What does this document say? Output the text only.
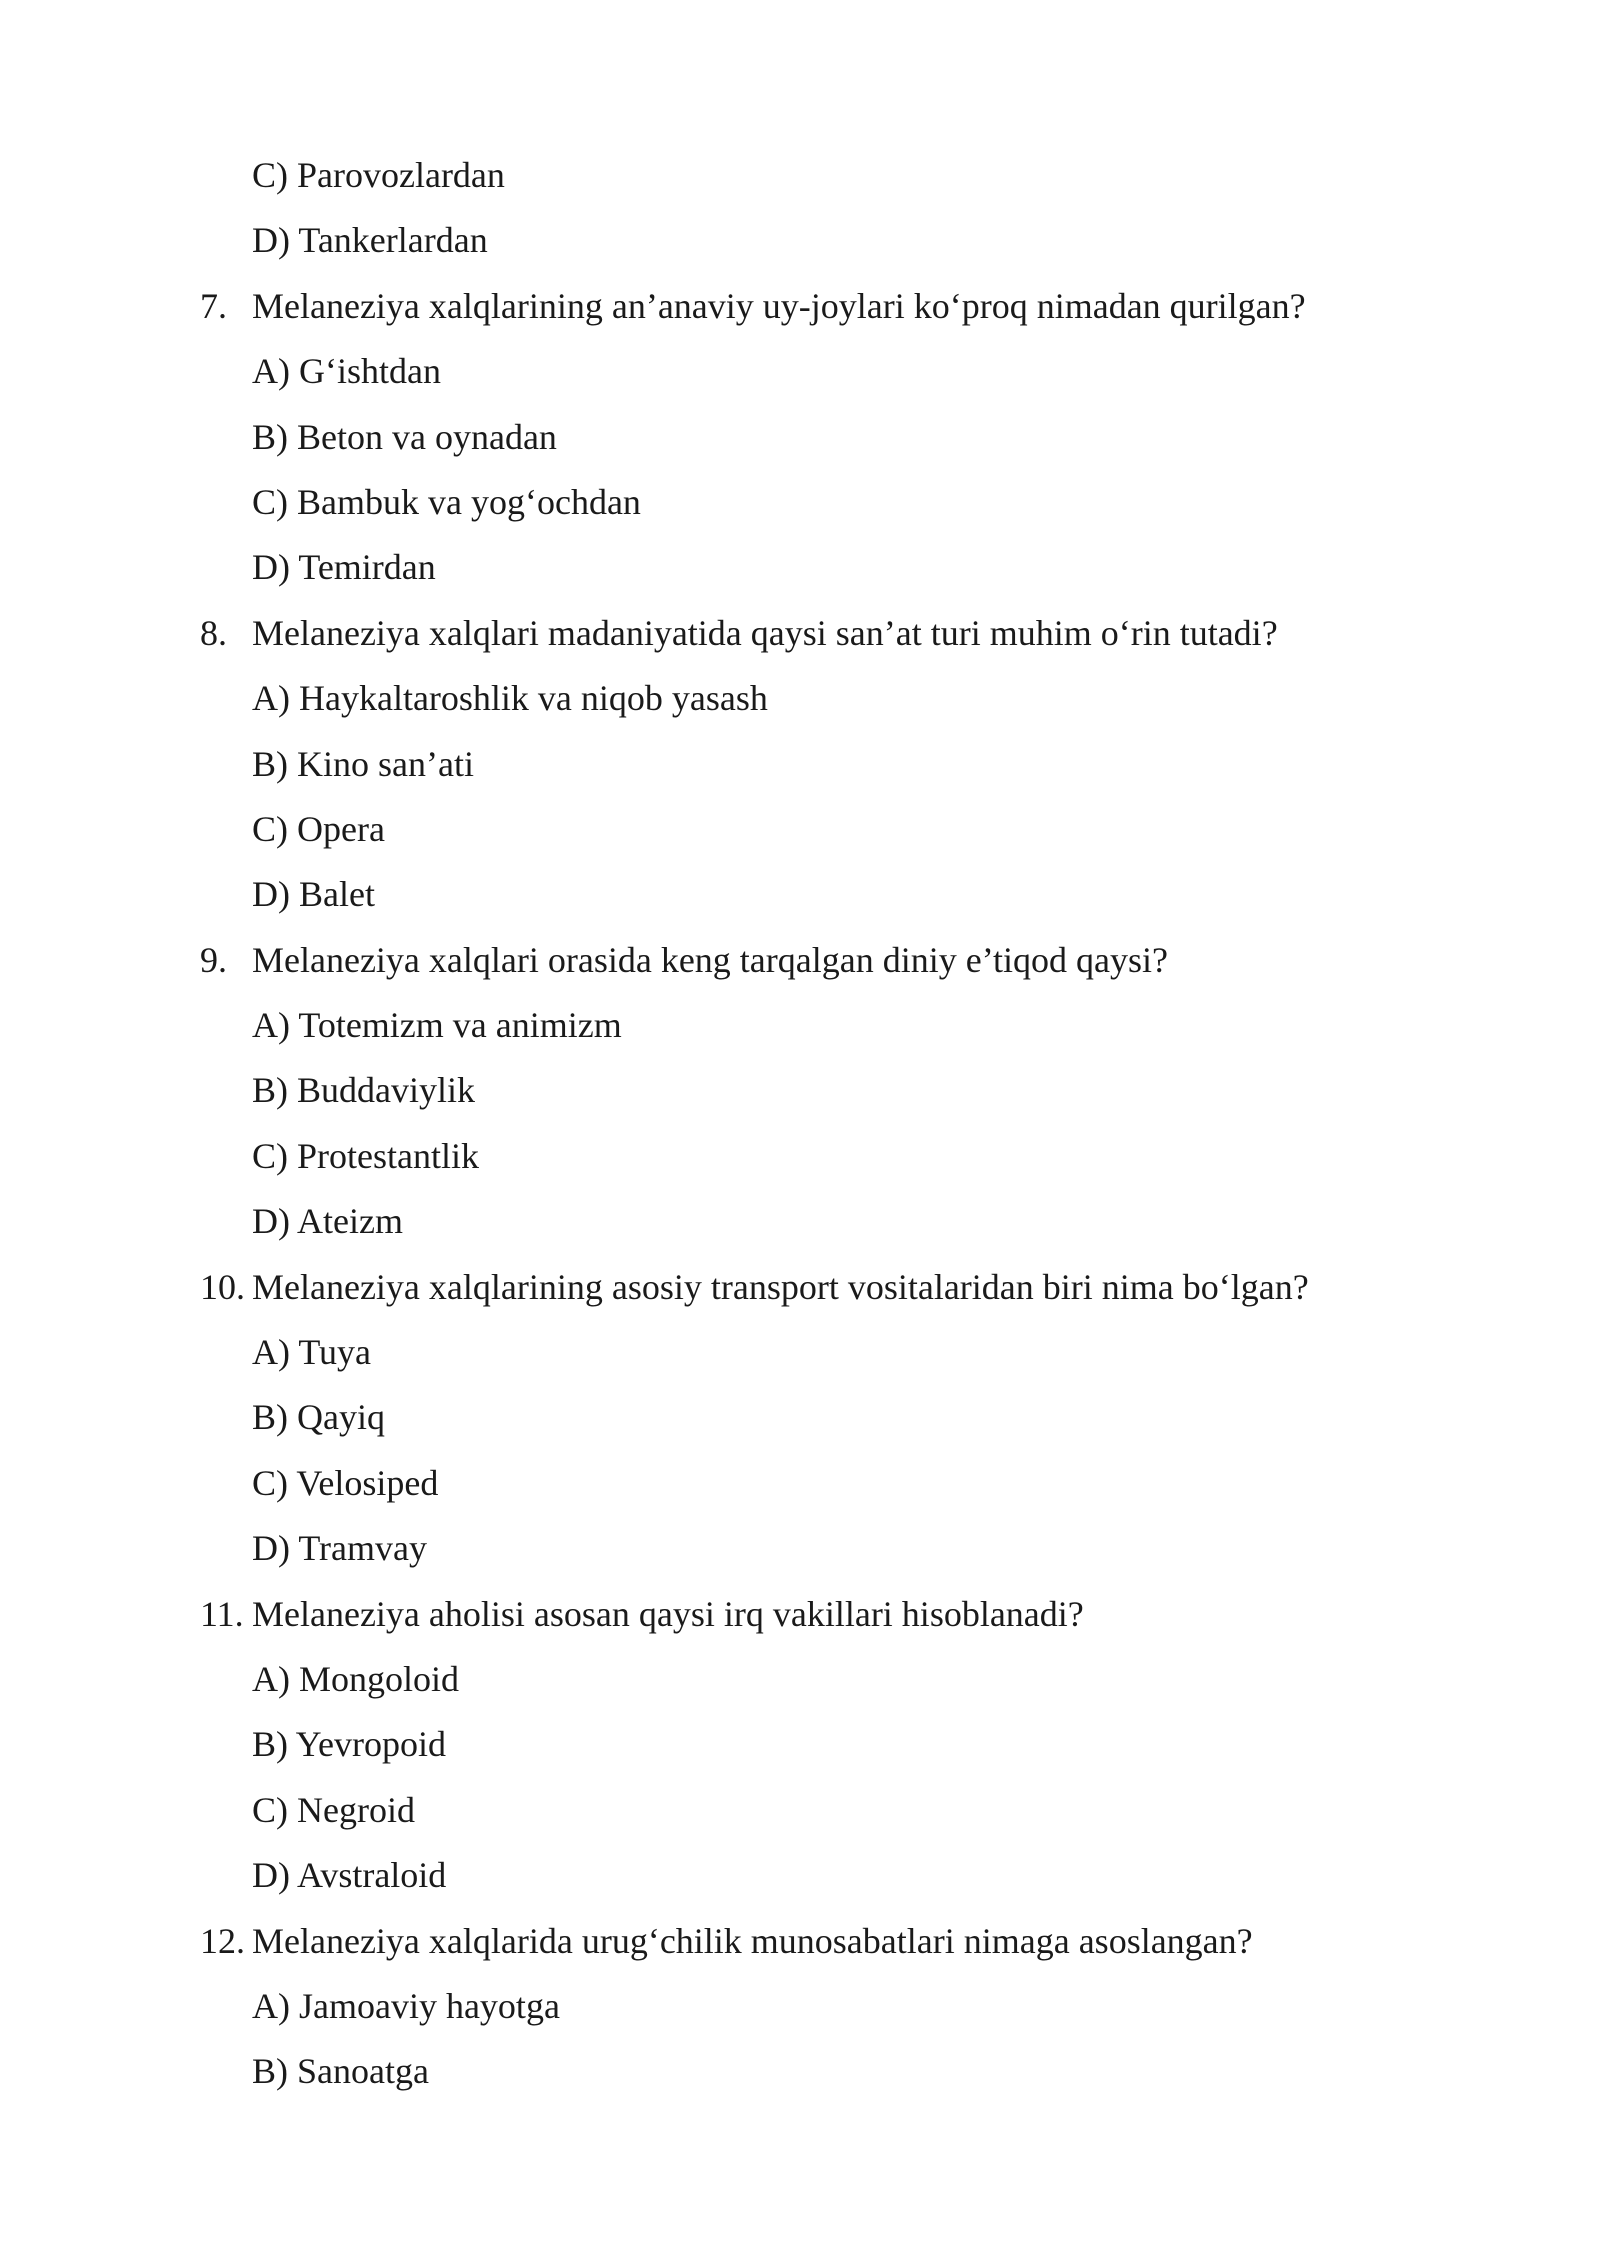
C) Parovozlardan
D) Tankerlardan
7. Melaneziya xalqlarining an’anaviy uy-joylari ko‘proq nimadan qurilgan?
A) G‘ishtdan
B) Beton va oynadan
C) Bambuk va yog‘ochdan
D) Temirdan
8. Melaneziya xalqlari madaniyatida qaysi san’at turi muhim o‘rin tutadi?
A) Haykaltaroshlik va niqob yasash
B) Kino san’ati
C) Opera
D) Balet
9. Melaneziya xalqlari orasida keng tarqalgan diniy e’tiqod qaysi?
A) Totemizm va animizm
B) Buddaviylik
C) Protestantlik
D) Ateizm
10. Melaneziya xalqlarining asosiy transport vositalaridan biri nima bo‘lgan?
A) Tuya
B) Qayiq
C) Velosiped
D) Tramvay
11. Melaneziya aholisi asosan qaysi irq vakillari hisoblanadi?
A) Mongoloid
B) Yevropoid
C) Negroid
D) Avstraloid
12. Melaneziya xalqlarida urug‘chilik munosabatlari nimaga asoslangan?
A) Jamoaviy hayotga
B) Sanoatga
